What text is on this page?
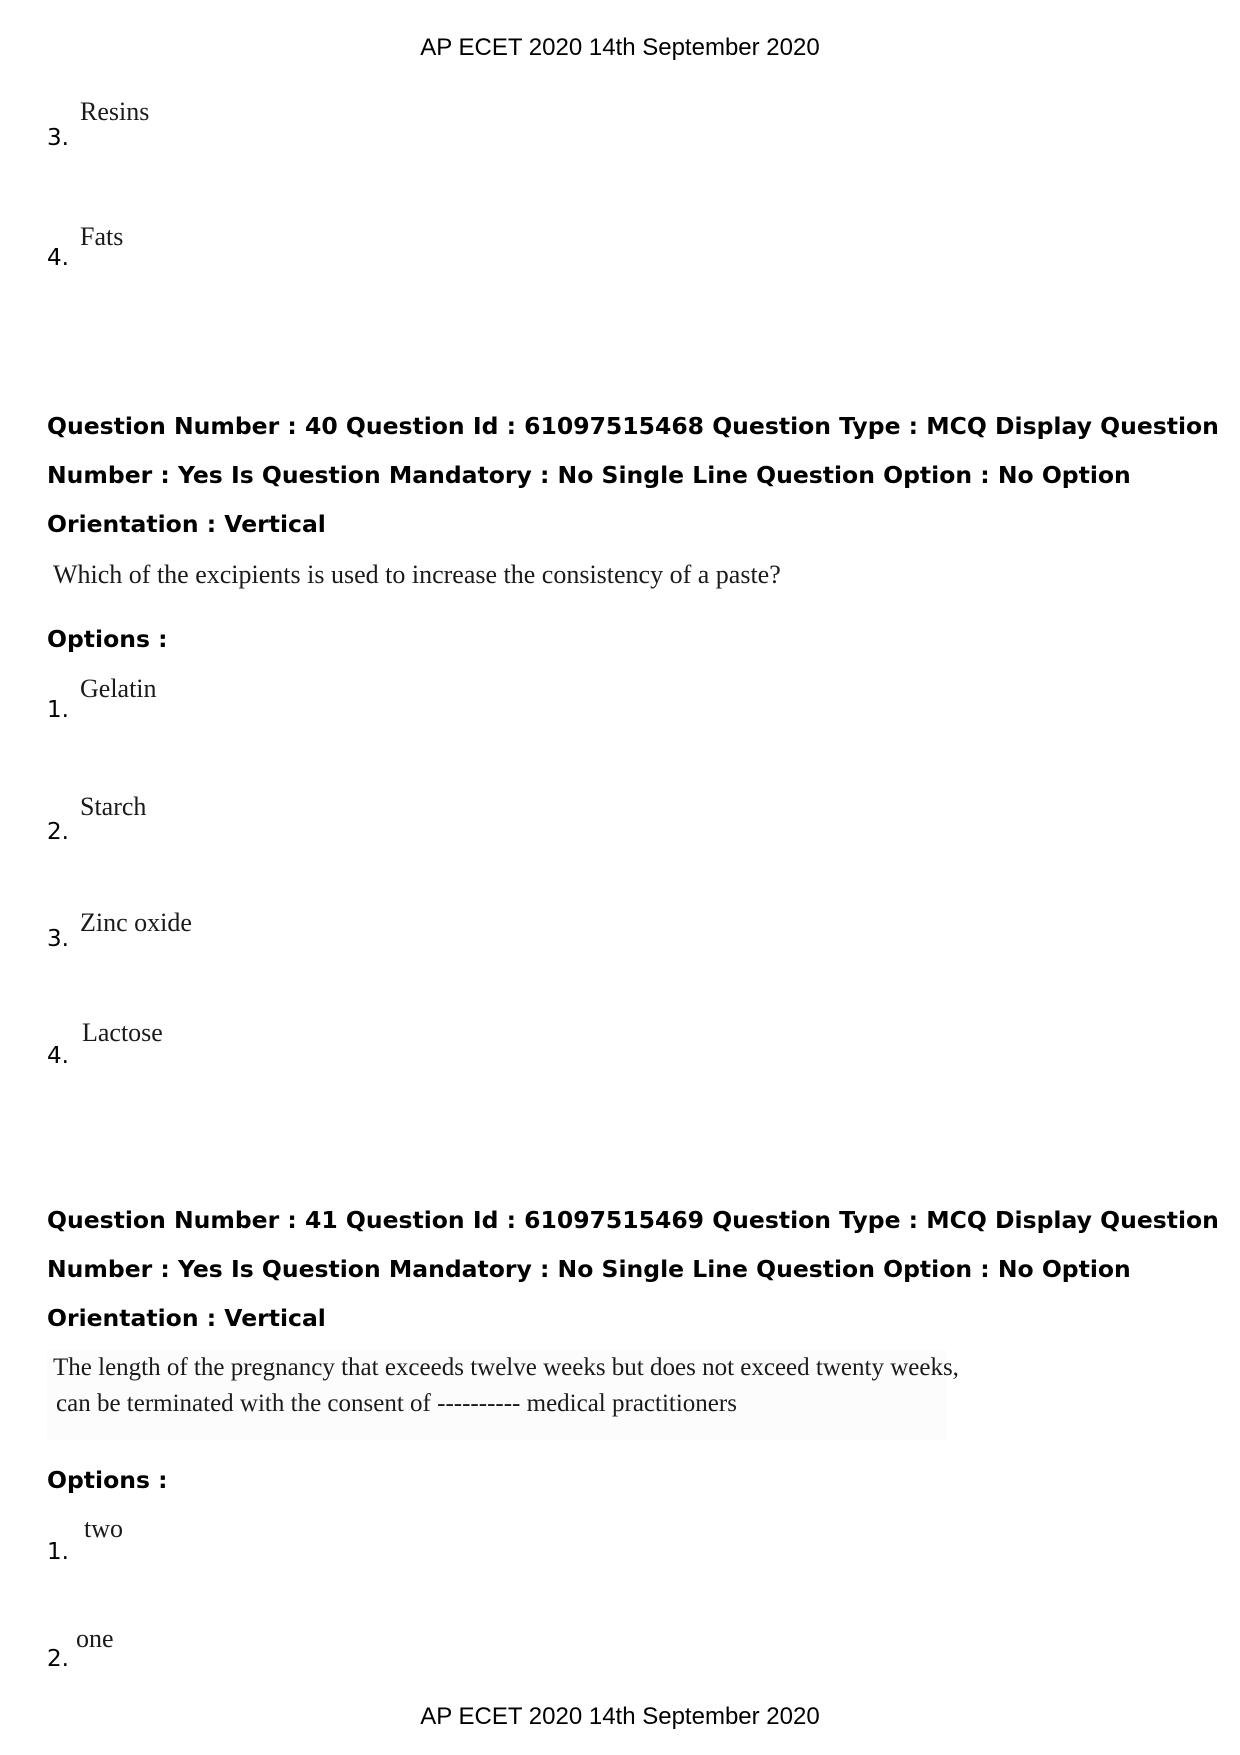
AP ECET 2020 14th September 2020
Resins
3.
Fats
4.
Question Number : 40 Question Id : 61097515468 Question Type : MCQ Display Question
Number : Yes Is Question Mandatory : No Single Line Question Option : No Option
Orientation : Vertical
Which of the excipients is used to increase the consistency of a paste?
Options :
Gelatin
1.
Starch
2.
Zinc oxide
3.
Lactose
4.
Question Number : 41 Question Id : 61097515469 Question Type : MCQ Display Question
Number : Yes Is Question Mandatory : No Single Line Question Option : No Option
Orientation : Vertical
The length of the pregnancy that exceeds twelve weeks but does not exceed twenty weeks,
can be terminated with the consent of ---------- medical practitioners
Options :
two
1.
one
2.
AP ECET 2020 14th September 2020
